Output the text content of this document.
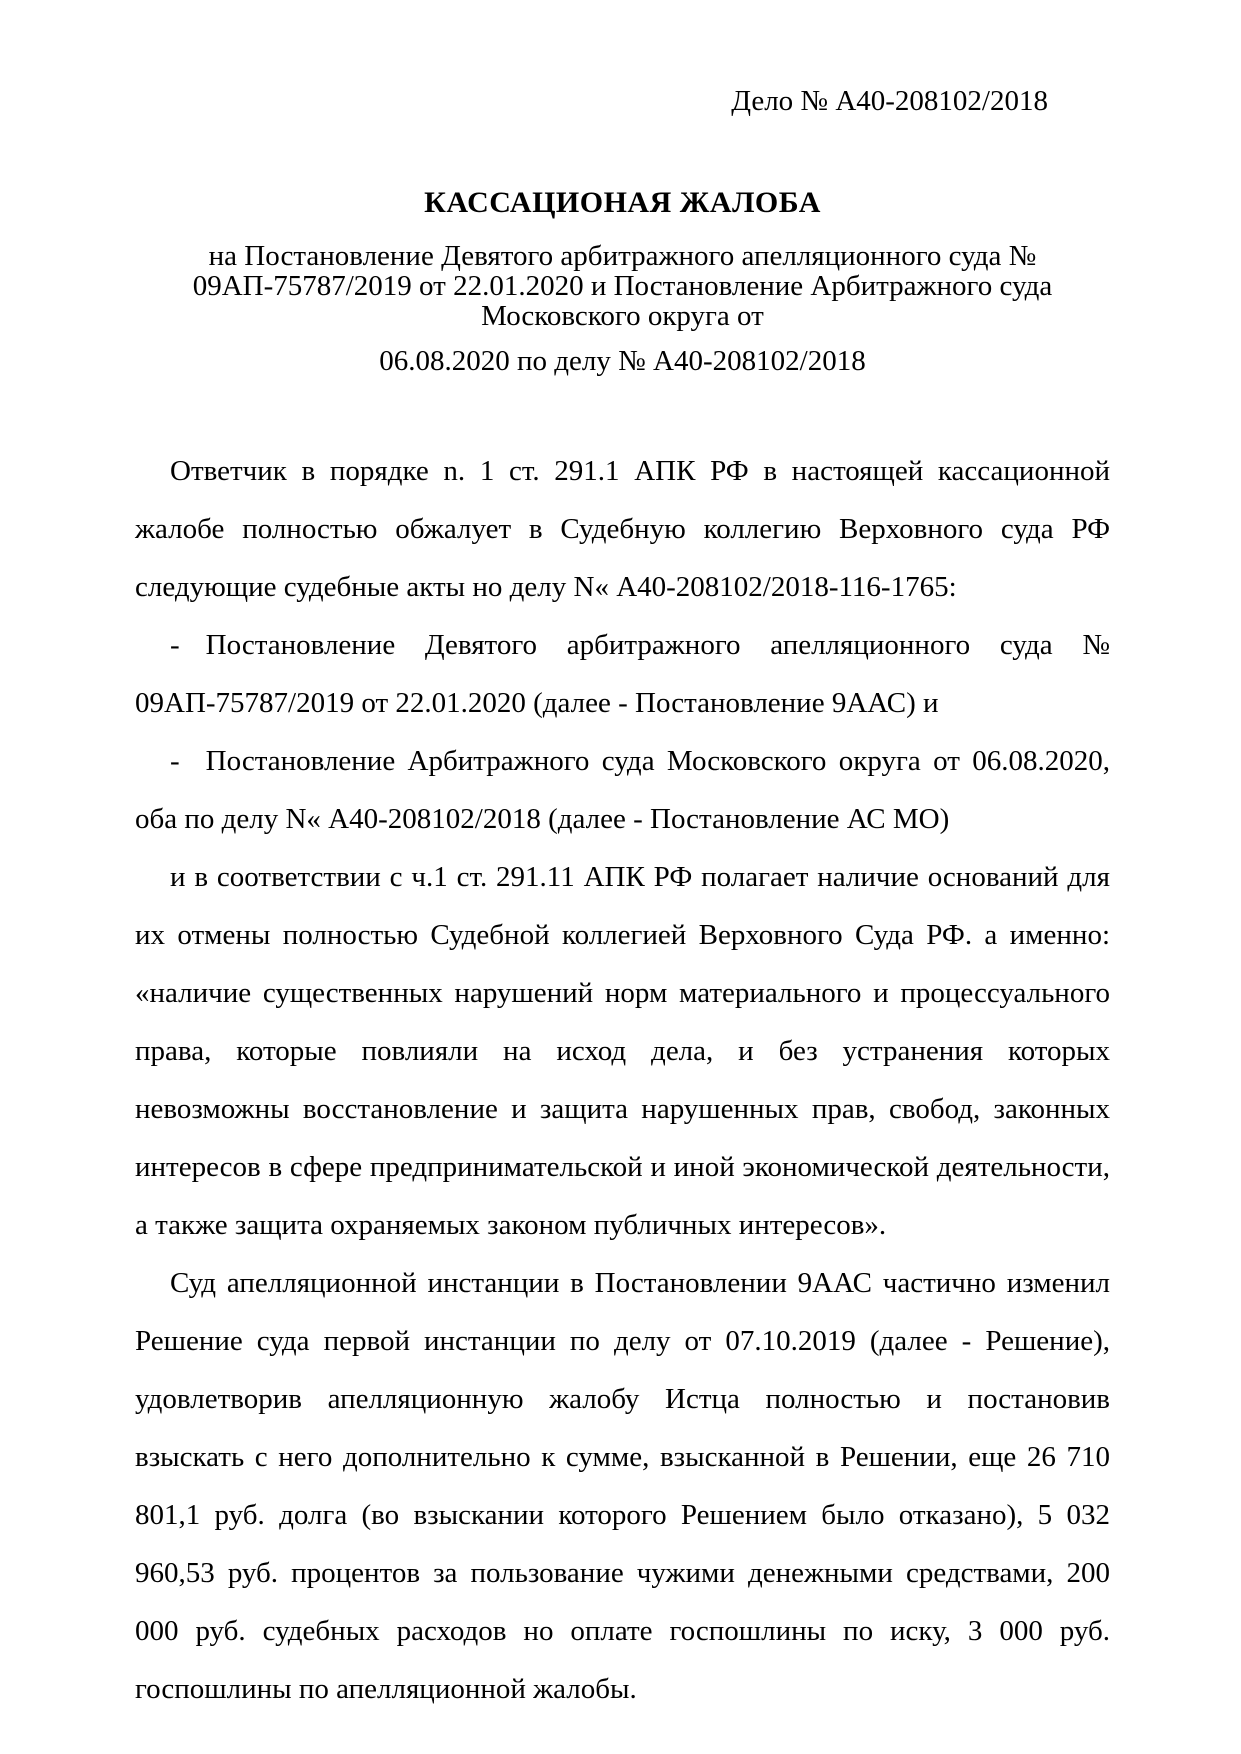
Дело № А40-208102/2018
КАССАЦИОНАЯ ЖАЛОБА
на Постановление Девятого арбитражного апелляционного суда № 09АП-75787/2019 от 22.01.2020 и Постановление Арбитражного суда Московского округа от
06.08.2020 по делу № А40-208102/2018

Ответчик в порядке n. 1 ст. 291.1 АПК РФ в настоящей кассационной жалобе полностью обжалует в Судебную коллегию Верховного суда РФ следующие судебные акты но делу N« А40-208102/2018-116-1765:

- Постановление Девятого арбитражного апелляционного суда № 09АП-75787/2019 от 22.01.2020 (далее - Постановление 9ААС) и

- Постановление Арбитражного суда Московского округа от 06.08.2020, оба по делу N« А40-208102/2018 (далее - Постановление АС МО)

и в соответствии с ч.1 ст. 291.11 АПК РФ полагает наличие оснований для их отмены полностью Судебной коллегией Верховного Суда РФ. а именно: «наличие существенных нарушений норм материального и процессуального права, которые повлияли на исход дела, и без устранения которых невозможны восстановление и защита нарушенных прав, свобод, законных интересов в сфере предпринимательской и иной экономической деятельности, а также защита охраняемых законом публичных интересов».

Суд апелляционной инстанции в Постановлении 9ААС частично изменил Решение суда первой инстанции по делу от 07.10.2019 (далее - Решение), удовлетворив апелляционную жалобу Истца полностью и постановив взыскать с него дополнительно к сумме, взысканной в Решении, еще 26 710 801,1 руб. долга (во взыскании которого Решением было отказано), 5 032 960,53 руб. процентов за пользование чужими денежными средствами, 200 000 руб. судебных расходов но оплате госпошлины по иску, 3 000 руб. госпошлины по апелляционной жалобы.
